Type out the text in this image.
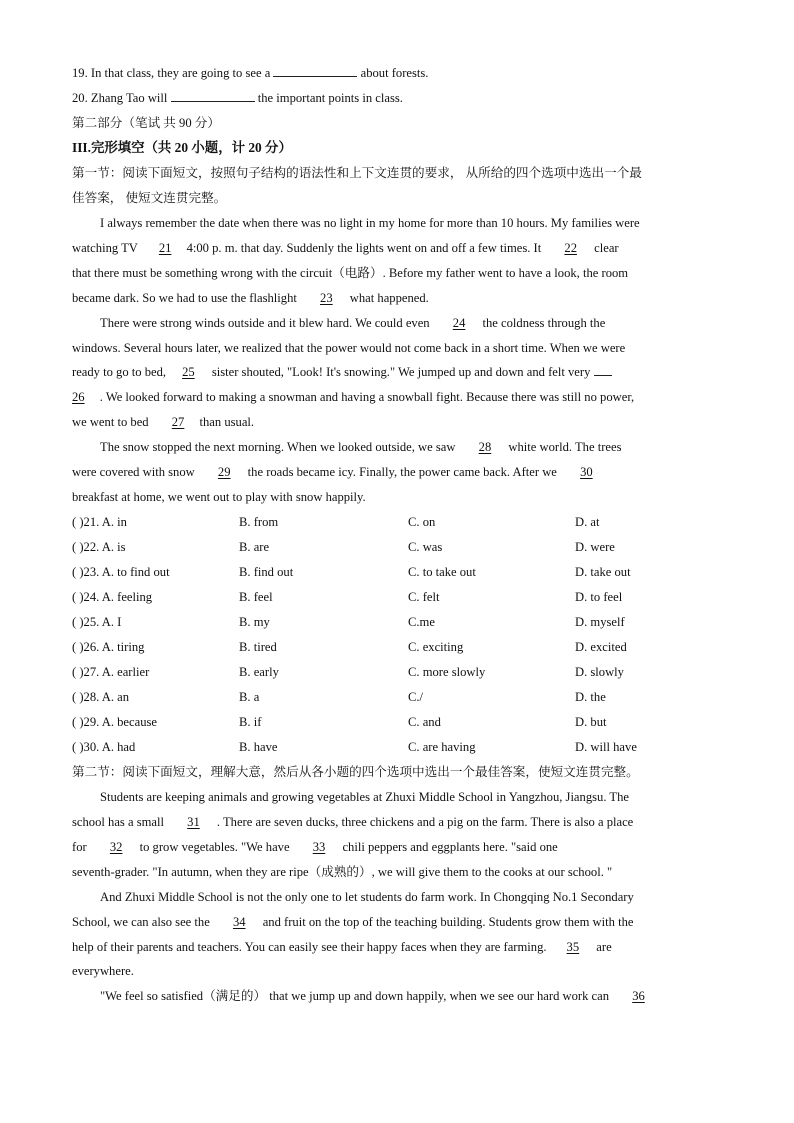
19. In that class, they are going to see a	about forests.
20. Zhang Tao will	the important points in class.
第二部分（笔试 共 90 分）
III.完形填空（共 20 小题，计 20 分）
第一节：阅读下面短文，按照句子结构的语法性和上下文连贯的要求， 从所给的四个选项中选出一个最
佳答案， 使短文连贯完整。
I always remember the date when there was no light in my home for more than 10 hours. My families were
watching TV 21 4:00 p. m. that day. Suddenly the lights went on and off a few times. It 22 clear
that there must be something wrong with the circuit（电路）. Before my father went to have a look, the room
became dark. So we had to use the flashlight 23 what happened.
There were strong winds outside and it blew hard. We could even 24 the coldness through the
windows. Several hours later, we realized that the power would not come back in a short time. When we were
ready to go to bed, 25 sister shouted, "Look! It's snowing." We jumped up and down and felt very
26 . We looked forward to making a snowman and having a snowball fight. Because there was still no power,
we went to bed 27 than usual.
The snow stopped the next morning. When we looked outside, we saw 28 white world. The trees
were covered with snow 29 the roads became icy. Finally, the power came back. After we 30
breakfast at home, we went out to play with snow happily.
( )21. A. in	B. from	C. on	D. at
( )22. A. is	B. are	C. was	D. were
( )23. A. to find out	B. find out	C. to take out	D. take out
( )24. A. feeling	B. feel	C. felt	D. to feel
( )25. A. I	B. my	C.me	D. myself
( )26. A. tiring	B. tired	C. exciting	D. excited
( )27. A. earlier	B. early	C. more slowly	D. slowly
( )28. A. an	B. a	C./	D. the
( )29. A. because	B. if	C. and	D. but
( )30. A. had	B. have	C. are having	D. will have
第二节：阅读下面短文，理解大意，然后从各小题的四个选项中选出一个最佳答案，使短文连贯完整。
Students are keeping animals and growing vegetables at Zhuxi Middle School in Yangzhou, Jiangsu. The
school has a small 31 . There are seven ducks, three chickens and a pig on the farm. There is also a place
for 32 to grow vegetables. "We have 33 chili peppers and eggplants here. "said one
seventh-grader. "In autumn, when they are ripe（成熟的）, we will give them to the cooks at our school. "
And Zhuxi Middle School is not the only one to let students do farm work. In Chongqing No.1 Secondary
School, we can also see the 34 and fruit on the top of the teaching building. Students grow them with the
help of their parents and teachers. You can easily see their happy faces when they are farming. 35 are
everywhere.
"We feel so satisfied（满足的） that we jump up and down happily, when we see our hard work can 36
